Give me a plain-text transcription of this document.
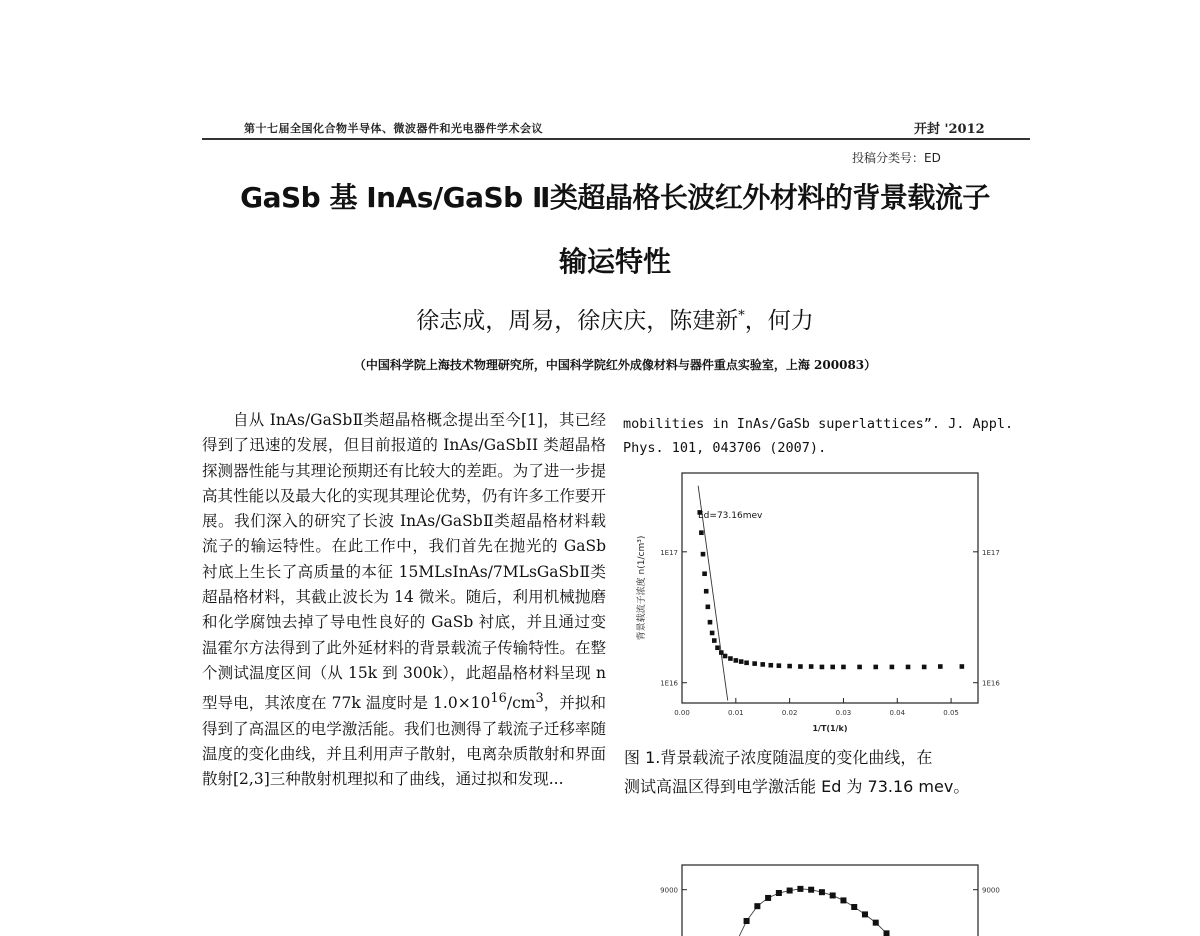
第十七届全国化合物半导体、微波器件和光电器件学术会议	开封 '2012
投稿分类号：ED
GaSb 基 InAs/GaSb Ⅱ类超晶格长波红外材料的背景载流子
输运特性
徐志成，周易，徐庆庆，陈建新*，何力
（中国科学院上海技术物理研究所，中国科学院红外成像材料与器件重点实验室，上海 200083）

自从 InAs/GaSbⅡ类超晶格概念提出至今[1]，其已经得到了迅速的发展，但目前报道的 InAs/GaSbII 类超晶格探测器性能与其理论预期还有比较大的差距。为了进一步提高其性能以及最大化的实现其理论优势，仍有许多工作要开展。我们深入的研究了长波 InAs/GaSbⅡ类超晶格材料载流子的输运特性。在此工作中，我们首先在抛光的 GaSb 衬底上生长了高质量的本征 15MLsInAs/7MLsGaSbⅡ类超晶格材料，其截止波长为 14 微米。随后，利用机械抛磨和化学腐蚀去掉了导电性良好的 GaSb 衬底，并且通过变温霍尔方法得到了此外延材料的背景载流子传输特性。在整个测试温度区间（从 15k 到 300k），此超晶格材料呈现 n 型导电，其浓度在 77k 温度时是 $1.0\times 10^{16}/cm^3$，并拟和得到了高温区的电学激活能。我们也测得了载流子迁移率随温度的变化曲线，并且利用声子散射，电离杂质散射和界面散射[2,3]三种散射机理拟和了曲线，通过拟和发现...

mobilities in InAs/GaSb superlattices”. J. Appl.
Phys. 101, 043706 (2007).
0.00	0.01	0.02	0.03	0.04	0.05
1E17
1E16
1E17
1E16
Ed=73.16mev
1/T(1/k)
背景载流子浓度 n(1/cm³)
图 1.背景载流子浓度随温度的变化曲线，在
测试高温区得到电学激活能 Ed 为 73.16 mev。
9000	9000
